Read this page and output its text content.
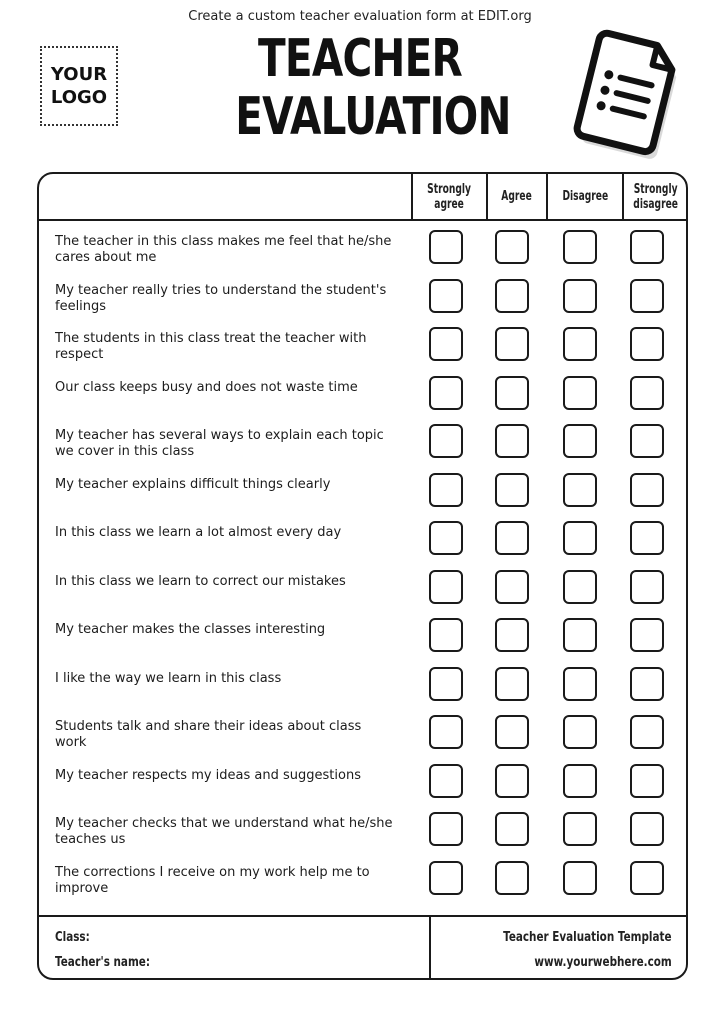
Create a custom teacher evaluation form at EDIT.org
YOUR
LOGO
TEACHER
EVALUATION
Strongly
agree	Agree Disagree Strongly
disagree
The teacher in this class makes me feel that he/she cares about me
My teacher really tries to understand the student's feelings
The students in this class treat the teacher with respect
Our class keeps busy and does not waste time
My teacher has several ways to explain each topic we cover in this class
My teacher explains difficult things clearly
In this class we learn a lot almost every day
In this class we learn to correct our mistakes
My teacher makes the classes interesting
I like the way we learn in this class
Students talk and share their ideas about class work
My teacher respects my ideas and suggestions
My teacher checks that we understand what he/she teaches us
The corrections I receive on my work help me to improve
Class:
Teacher's name:
Teacher Evaluation Template
www.yourwebhere.com
